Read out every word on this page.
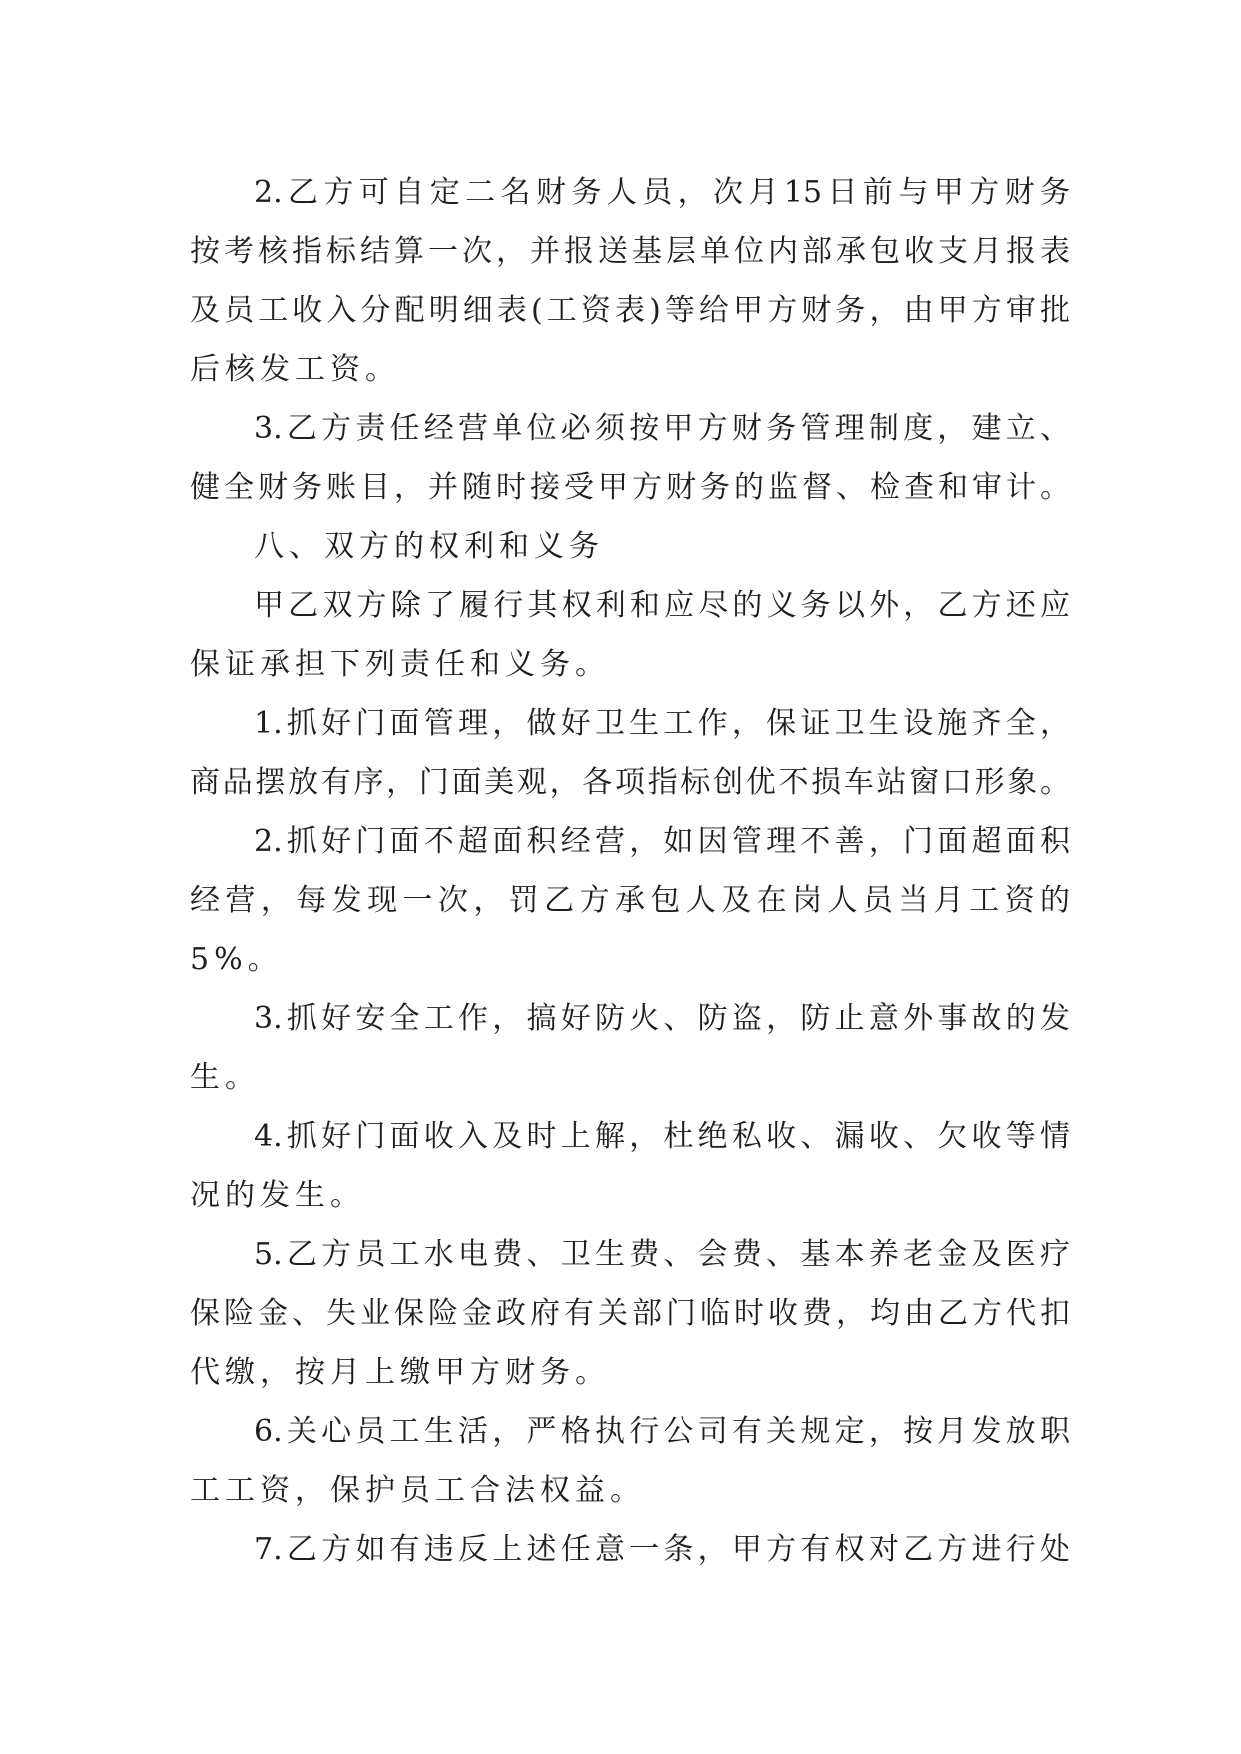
2.乙方可自定二名财务人员，次月15日前与甲方财务
按考核指标结算一次，并报送基层单位内部承包收支月报表
及员工收入分配明细表(工资表)等给甲方财务，由甲方审批
后核发工资。
3.乙方责任经营单位必须按甲方财务管理制度，建立、
健全财务账目，并随时接受甲方财务的监督、检查和审计。
八、双方的权利和义务
甲乙双方除了履行其权利和应尽的义务以外，乙方还应
保证承担下列责任和义务。
1.抓好门面管理，做好卫生工作，保证卫生设施齐全，
商品摆放有序，门面美观，各项指标创优不损车站窗口形象。
2.抓好门面不超面积经营，如因管理不善，门面超面积
经营，每发现一次，罚乙方承包人及在岗人员当月工资的
5%。
3.抓好安全工作，搞好防火、防盗，防止意外事故的发
生。
4.抓好门面收入及时上解，杜绝私收、漏收、欠收等情
况的发生。
5.乙方员工水电费、卫生费、会费、基本养老金及医疗
保险金、失业保险金政府有关部门临时收费，均由乙方代扣
代缴，按月上缴甲方财务。
6.关心员工生活，严格执行公司有关规定，按月发放职
工工资，保护员工合法权益。
7.乙方如有违反上述任意一条，甲方有权对乙方进行处
